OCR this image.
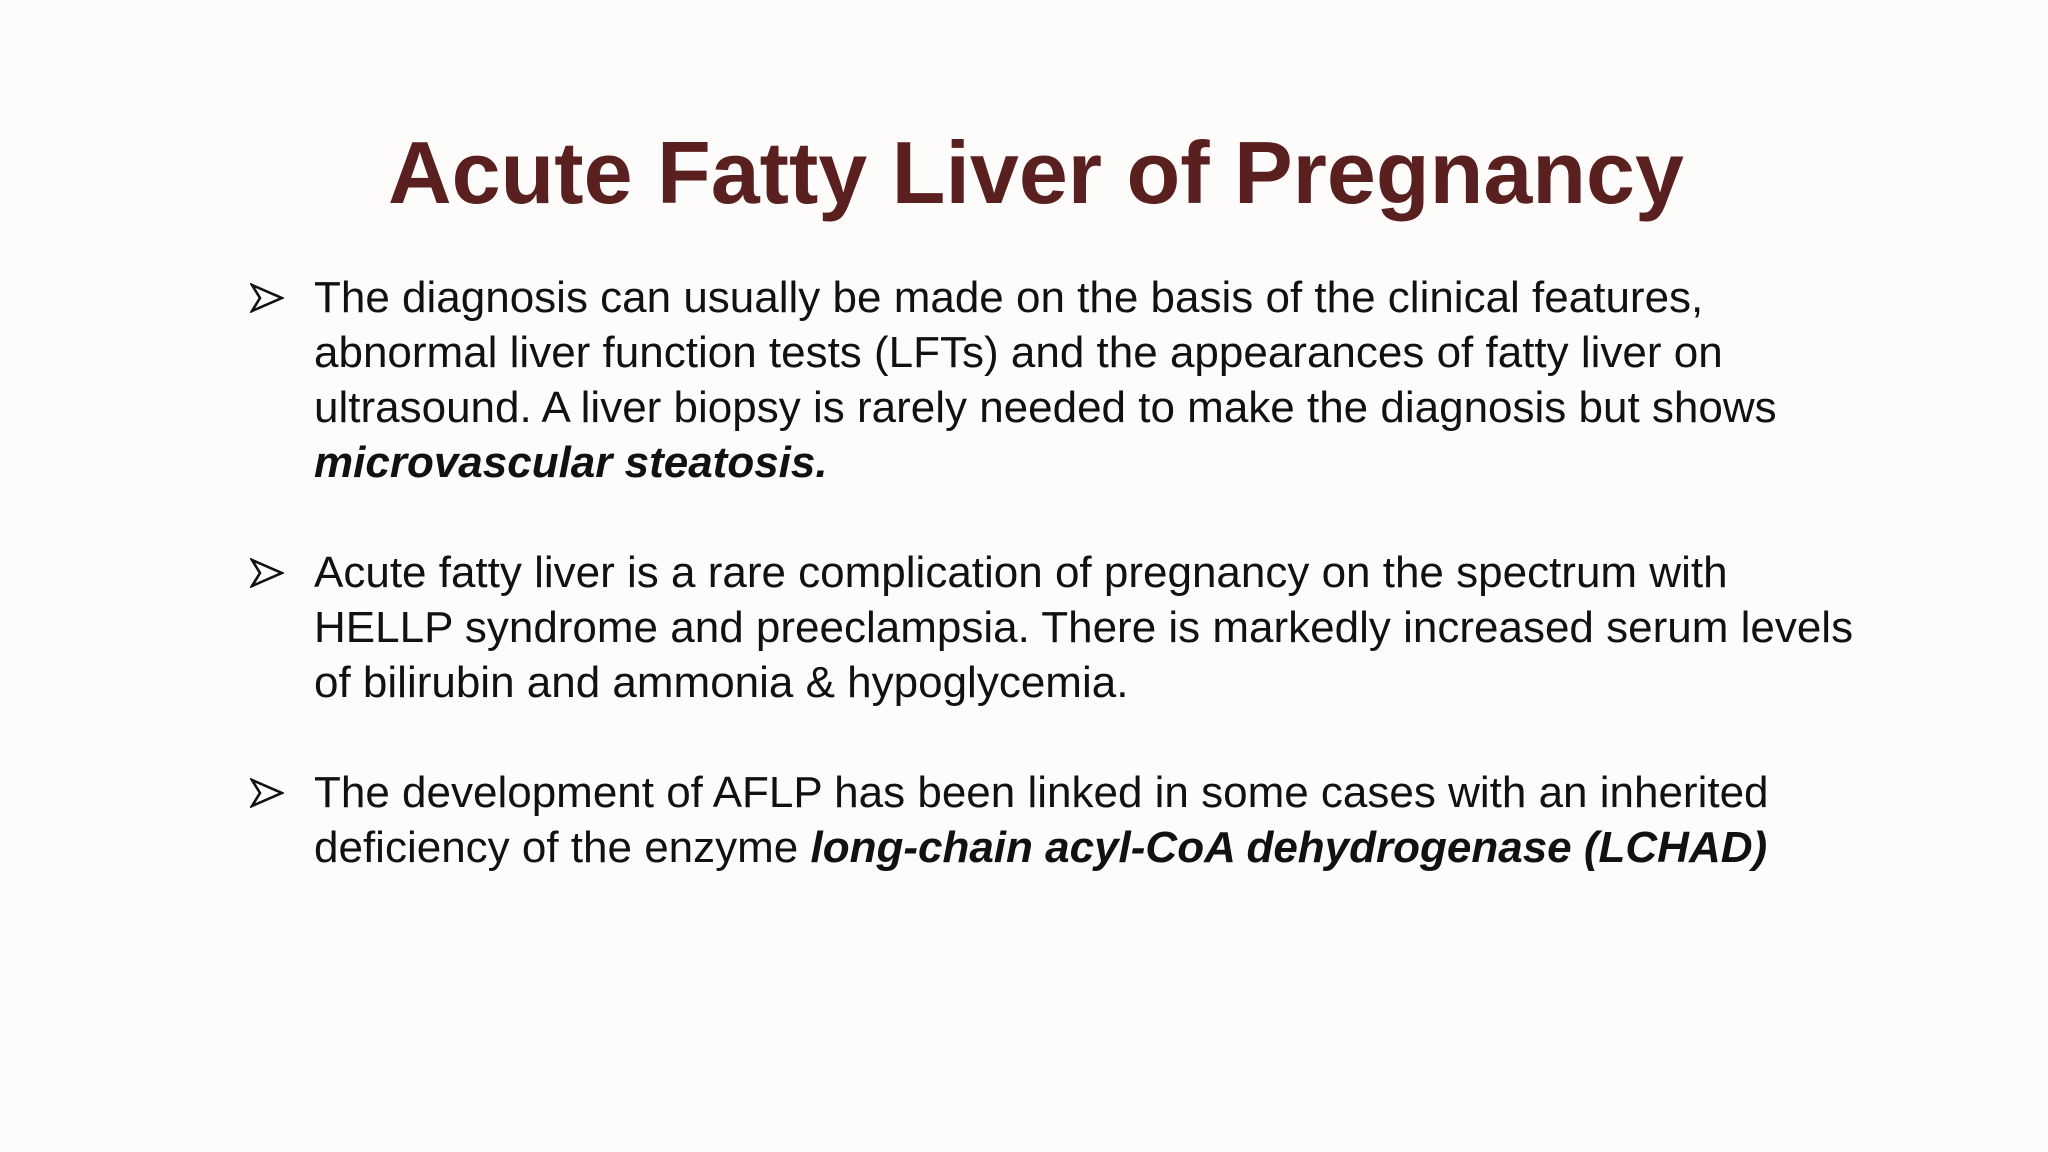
Acute Fatty Liver of Pregnancy
The diagnosis can usually be made on the basis of the clinical features, abnormal liver function tests (LFTs) and the appearances of fatty liver on ultrasound. A liver biopsy is rarely needed to make the diagnosis but shows microvascular steatosis.
Acute fatty liver is a rare complication of pregnancy on the spectrum with HELLP syndrome and preeclampsia. There is markedly increased serum levels of bilirubin and ammonia & hypoglycemia.
The development of AFLP has been linked in some cases with an inherited deficiency of the enzyme long-chain acyl-CoA dehydrogenase (LCHAD)
